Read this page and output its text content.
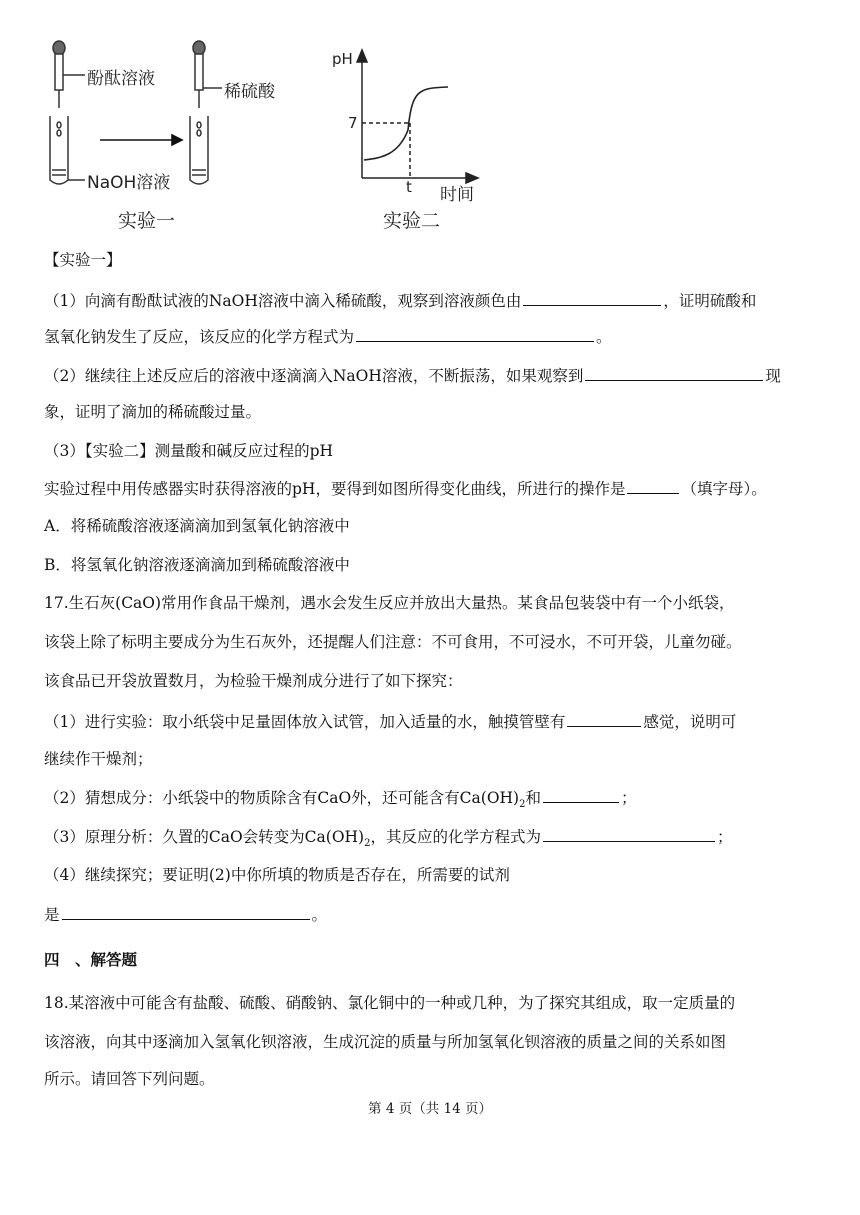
酚酞溶液
稀硫酸
NaOH溶液
实验一	实验二
pH
7
t 时间
【实验一】
（1）向滴有酚酞试液的NaOH溶液中滴入稀硫酸，观察到溶液颜色由	，证明硫酸和
氢氧化钠发生了反应，该反应的化学方程式为	。
（2）继续往上述反应后的溶液中逐滴滴入NaOH溶液，不断振荡，如果观察到	现
象，证明了滴加的稀硫酸过量。
（3）【实验二】测量酸和碱反应过程的pH
实验过程中用传感器实时获得溶液的pH，要得到如图所得变化曲线，所进行的操作是	（填字母）。
A．将稀硫酸溶液逐滴滴加到氢氧化钠溶液中
B．将氢氧化钠溶液逐滴滴加到稀硫酸溶液中
17.生石灰(CaO)常用作食品干燥剂，遇水会发生反应并放出大量热。某食品包装袋中有一个小纸袋，
该袋上除了标明主要成分为生石灰外，还提醒人们注意：不可食用，不可浸水，不可开袋，儿童勿碰。
该食品已开袋放置数月，为检验干燥剂成分进行了如下探究：
（1）进行实验：取小纸袋中足量固体放入试管，加入适量的水，触摸管壁有	感觉，说明可
继续作干燥剂；
（2）猜想成分：小纸袋中的物质除含有CaO外，还可能含有$Ca(OH)_2$和	；
（3）原理分析：久置的CaO会转变为$Ca(OH)_2$，其反应的化学方程式为	；
（4）继续探究；要证明(2)中你所填的物质是否存在，所需要的试剂
是	。
四　、解答题
18.某溶液中可能含有盐酸、硫酸、硝酸钠、氯化铜中的一种或几种，为了探究其组成，取一定质量的
该溶液，向其中逐滴加入氢氧化钡溶液，生成沉淀的质量与所加氢氧化钡溶液的质量之间的关系如图
所示。请回答下列问题。
第 4 页（共 14 页）
